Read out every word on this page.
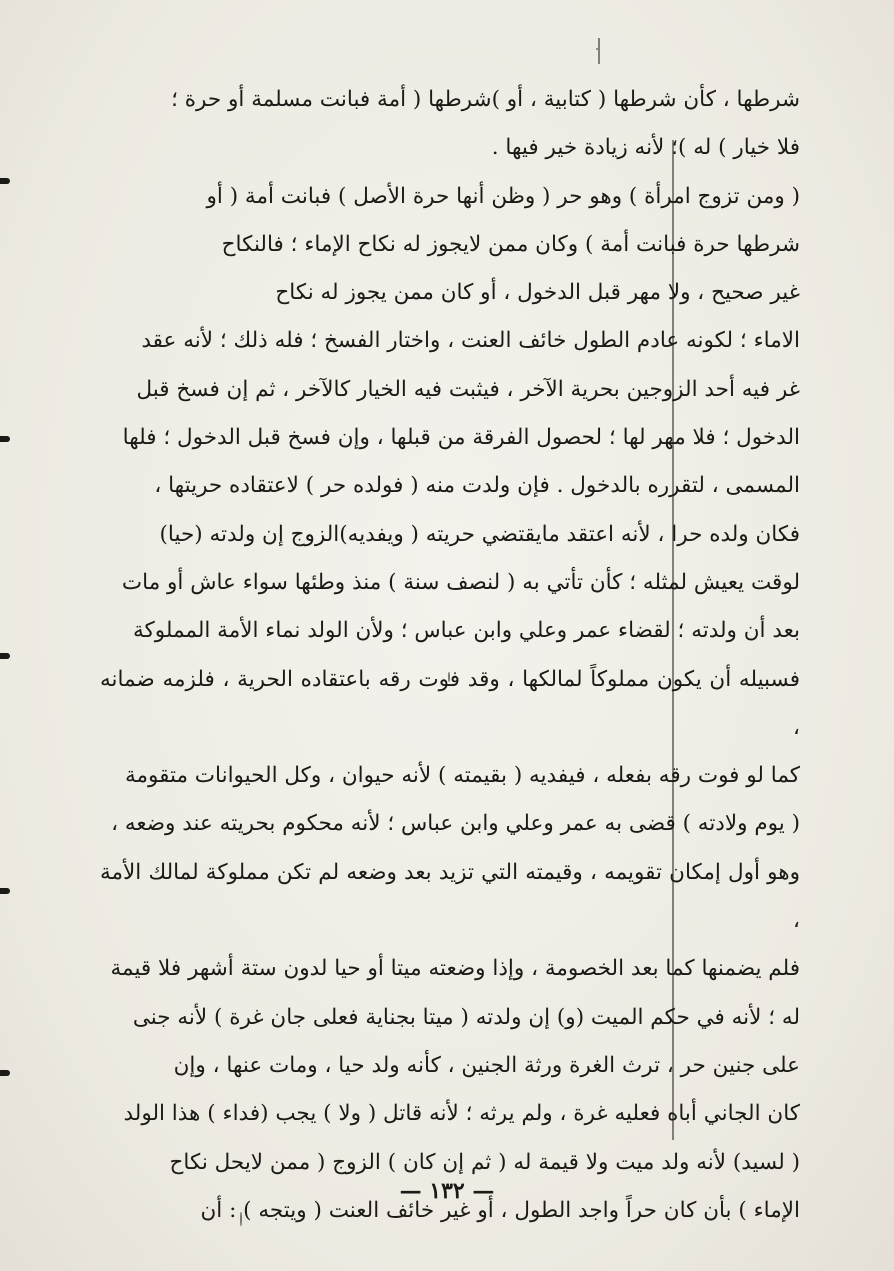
شرطها ، كأن شرطها ( كتابية ، أو )شرطها ( أمة فبانت مسلمة أو حرة ؛

فلا خيار ) له )؛ لأنه زيادة خير فيها .

( ومن تزوج امرأة ) وهو حر ( وظن أنها حرة الأصل ) فبانت أمة ( أو

شرطها حرة فبانت أمة ) وكان ممن لايجوز له نكاح الإماء ؛ فالنكاح

غير صحيح ، ولا مهر قبل الدخول ، أو كان ممن يجوز له نكاح

الاماء ؛ لكونه عادم الطول خائف العنت ، واختار الفسخ ؛ فله ذلك ؛ لأنه عقد

غر فيه أحد الزوجين بحرية الآخر ، فيثبت فيه الخيار كالآخر ، ثم إن فسخ قبل

الدخول ؛ فلا مهر لها ؛ لحصول الفرقة من قبلها ، وإن فسخ قبل الدخول ؛ فلها

المسمى ، لتقرره بالدخول . فإن ولدت منه ( فولده حر ) لاعتقاده حريتها ،

فكان ولده حرا ، لأنه اعتقد مايقتضي حريته ( ويفديه)الزوج إن ولدته (حيا)

لوقت يعيش لمثله ؛ كأن تأتي به ( لنصف سنة ) منذ وطئها سواء عاش أو مات

بعد أن ولدته ؛ لقضاء عمر وعلي وابن عباس ؛ ولأن الولد نماء الأمة المملوكة

فسبيله أن يكون مملوكاً لمالكها ، وقد فوت رقه باعتقاده الحرية ، فلزمه ضمانه ،

كما لو فوت رقه بفعله ، فيفديه ( بقيمته ) لأنه حيوان ، وكل الحيوانات متقومة

( يوم ولادته ) قضى به عمر وعلي وابن عباس ؛ لأنه محكوم بحريته عند وضعه ،

وهو أول إمكان تقويمه ، وقيمته التي تزيد بعد وضعه لم تكن مملوكة لمالك الأمة ،

فلم يضمنها كما بعد الخصومة ، وإذا وضعته ميتا أو حيا لدون ستة أشهر فلا قيمة

له ؛ لأنه في حكم الميت (و) إن ولدته ( ميتا بجناية فعلى جان غرة ) لأنه جنى

على جنين حر ، ترث الغرة ورثة الجنين ، كأنه ولد حيا ، ومات عنها ، وإن

كان الجاني أباه فعليه غرة ، ولم يرثه ؛ لأنه قاتل ( ولا ) يجب (فداء ) هذا الولد

( لسيد) لأنه ولد ميت ولا قيمة له ( ثم إن كان ) الزوج ( ممن لايحل نكاح

الإماء ) بأن كان حراً واجد الطول ، أو غير خائف العنت ( ويتجه ) : أن

— ١٣٢ —
